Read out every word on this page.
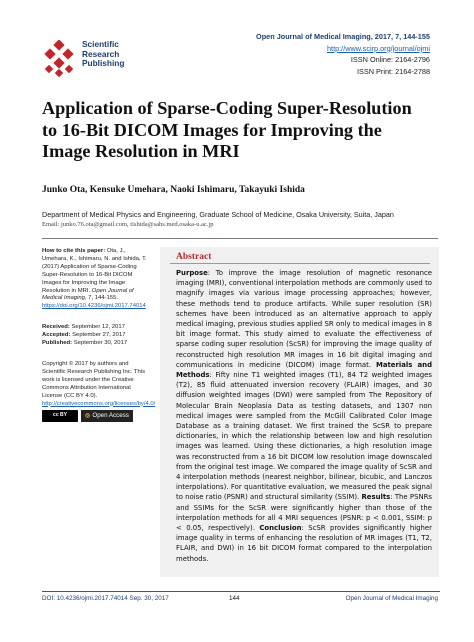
Scientific
Research
Publishing
Open Journal of Medical Imaging, 2017, 7, 144-155
http://www.scirp.org/journal/ojmi
ISSN Online: 2164-2796
ISSN Print: 2164-2788
Application of Sparse-Coding Super-Resolution
to 16-Bit DICOM Images for Improving the
Image Resolution in MRI
Junko Ota, Kensuke Umehara, Naoki Ishimaru, Takayuki Ishida
Department of Medical Physics and Engineering, Graduate School of Medicine, Osaka University, Suita, Japan
Email: junko.76.ota@gmail.com, tishida@sahs.med.osaka-u.ac.jp
How to cite this paper: Ota, J., Umehara, K., Ishimaru, N. and Ishida, T. (2017) Application of Sparse-Coding Super-Resolution to 16-Bit DICOM Images for Improving the Image Resolution in MRI. Open Journal of Medical Imaging, 7, 144-155. https://doi.org/10.4236/ojmi.2017.74014
Received: September 12, 2017
Accepted: September 27, 2017
Published: September 30, 2017
Copyright © 2017 by authors and Scientific Research Publishing Inc. This work is licensed under the Creative Commons Attribution International License (CC BY 4.0). http://creativecommons.org/licenses/by/4.0/
cc BY	◎ Open Access
Abstract
Purpose: To improve the image resolution of magnetic resonance imaging (MRI), conventional interpolation methods are commonly used to magnify images via various image processing approaches; however, these methods tend to produce artifacts. While super resolution (SR) schemes have been introduced as an alternative approach to apply medical imaging, previous studies applied SR only to medical images in 8 bit image format. This study aimed to evaluate the effectiveness of sparse coding super resolution (ScSR) for improving the image quality of reconstructed high resolution MR images in 16 bit digital imaging and communications in medicine (DICOM) image format. Materials and Methods: Fifty nine T1 weighted images (T1), 84 T2 weighted images (T2), 85 fluid attenuated inversion recovery (FLAIR) images, and 30 diffusion weighted images (DWI) were sampled from The Repository of Molecular Brain Neoplasia Data as testing datasets, and 1307 non medical images were sampled from the McGill Calibrated Color Image Database as a training dataset. We first trained the ScSR to prepare dictionaries, in which the relationship between low and high resolution images was learned. Using these dictionaries, a high resolution image was reconstructed from a 16 bit DICOM low resolution image downscaled from the original test image. We compared the image quality of ScSR and 4 interpolation methods (nearest neighbor, bilinear, bicubic, and Lanczos interpolations). For quantitative evaluation, we measured the peak signal to noise ratio (PSNR) and structural similarity (SSIM). Results: The PSNRs and SSIMs for the ScSR were significantly higher than those of the interpolation methods for all 4 MRI sequences (PSNR: p < 0.001, SSIM: p < 0.05, respectively). Conclusion: ScSR provides significantly higher image quality in terms of enhancing the resolution of MR images (T1, T2, FLAIR, and DWI) in 16 bit DICOM format compared to the interpolation methods.
DOI: 10.4236/ojmi.2017.74014 Sep. 30, 2017	144	Open Journal of Medical Imaging
